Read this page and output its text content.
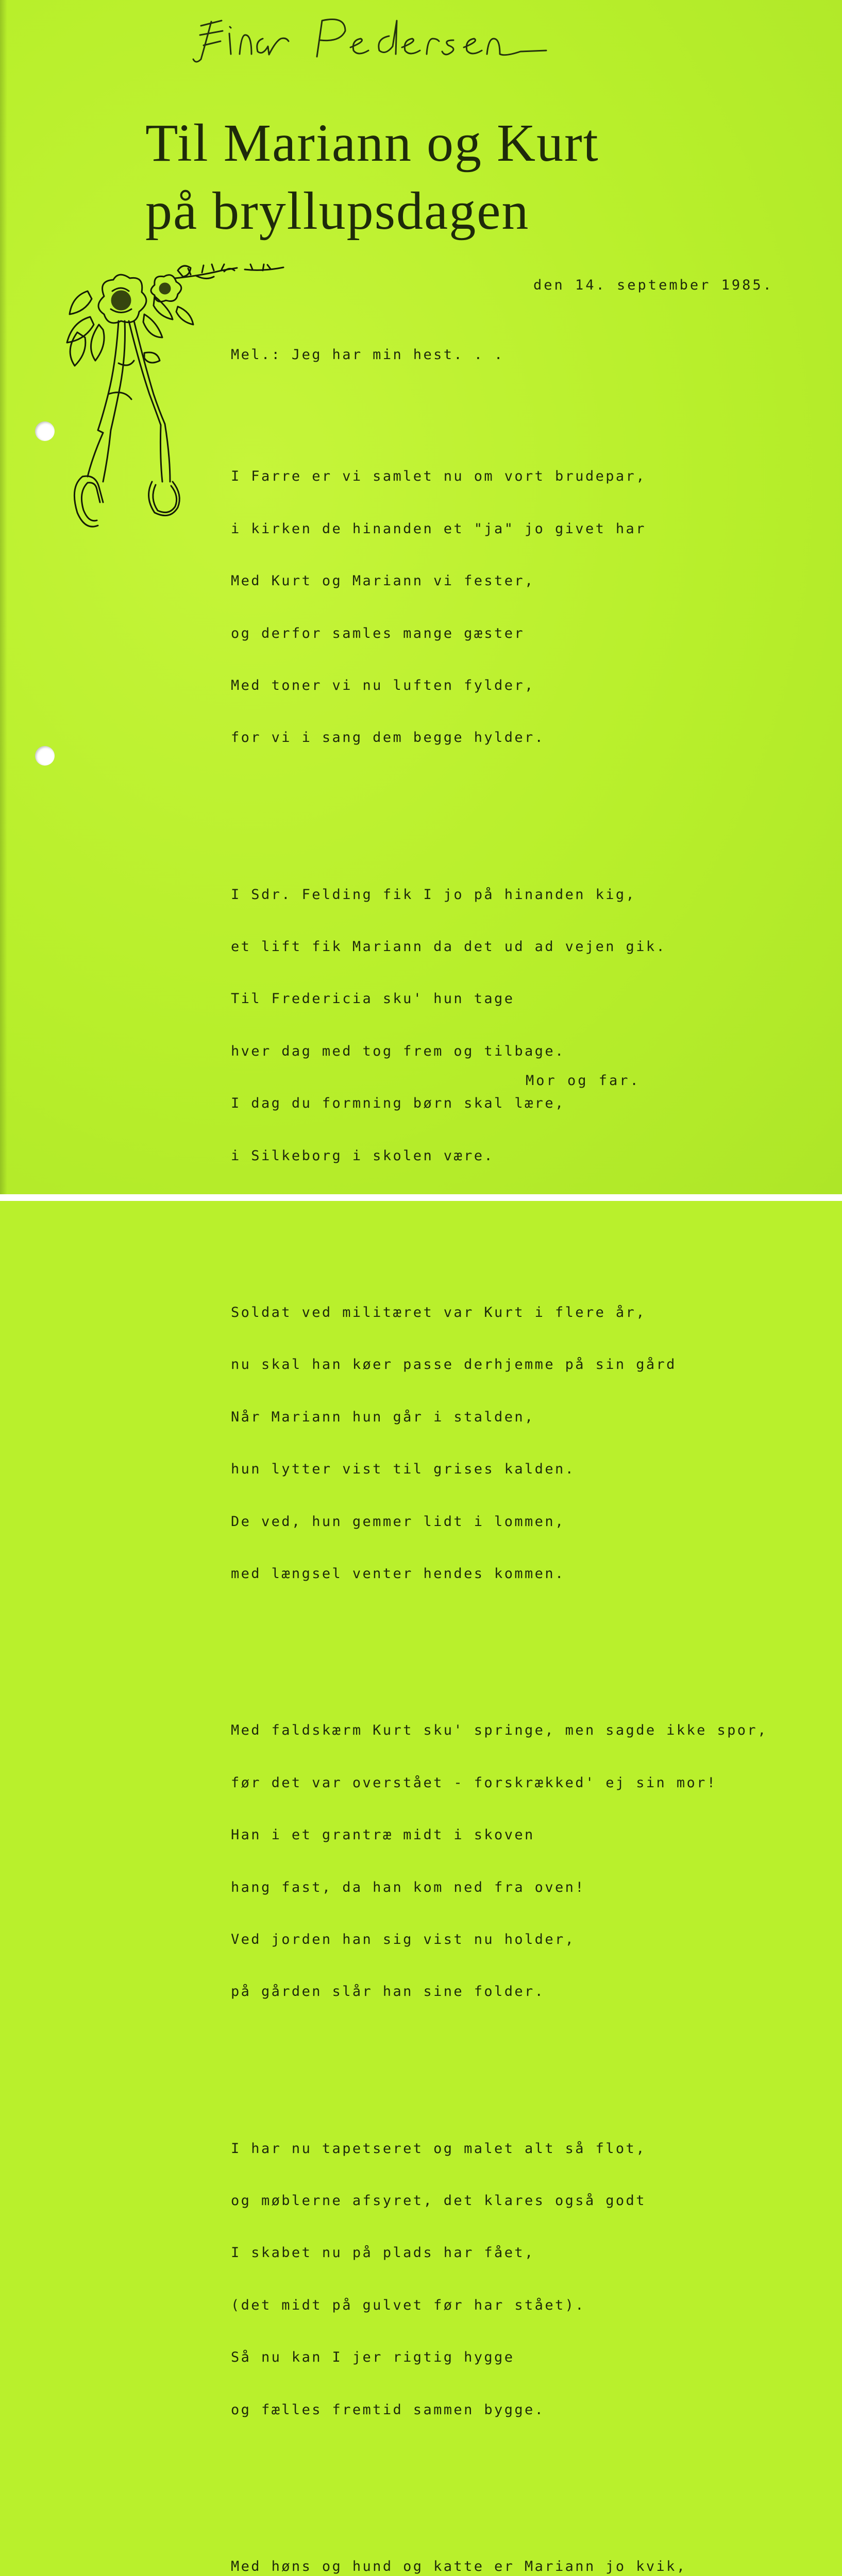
Til Mariann og Kurt
på bryllupsdagen
den 14. september 1985.

Mel.: Jeg har min hest. . .

I Farre er vi samlet nu om vort brudepar,

i kirken de hinanden et "ja" jo givet har

Med Kurt og Mariann vi fester,

og derfor samles mange gæster

Med toner vi nu luften fylder,

for vi i sang dem begge hylder.

I Sdr. Felding fik I jo på hinanden kig,

et lift fik Mariann da det ud ad vejen gik.

Til Fredericia sku' hun tage

hver dag med tog frem og tilbage.

I dag du formning børn skal lære,

i Silkeborg i skolen være.

Soldat ved militæret var Kurt i flere år,

nu skal han køer passe derhjemme på sin gård

Når Mariann hun går i stalden,

hun lytter vist til grises kalden.

De ved, hun gemmer lidt i lommen,

med længsel venter hendes kommen.

Med faldskærm Kurt sku' springe, men sagde ikke spor,

før det var overstået - forskrækked' ej sin mor!

Han i et grantræ midt i skoven

hang fast, da han kom ned fra oven!

Ved jorden han sig vist nu holder,

på gården slår han sine folder.

I har nu tapetseret og malet alt så flot,

og møblerne afsyret, det klares også godt

I skabet nu på plads har fået,

(det midt på gulvet før har stået).

Så nu kan I jer rigtig hygge

og fælles fremtid sammen bygge.

Med høns og hund og katte er Mariann jo kvik,

Mor og far.
